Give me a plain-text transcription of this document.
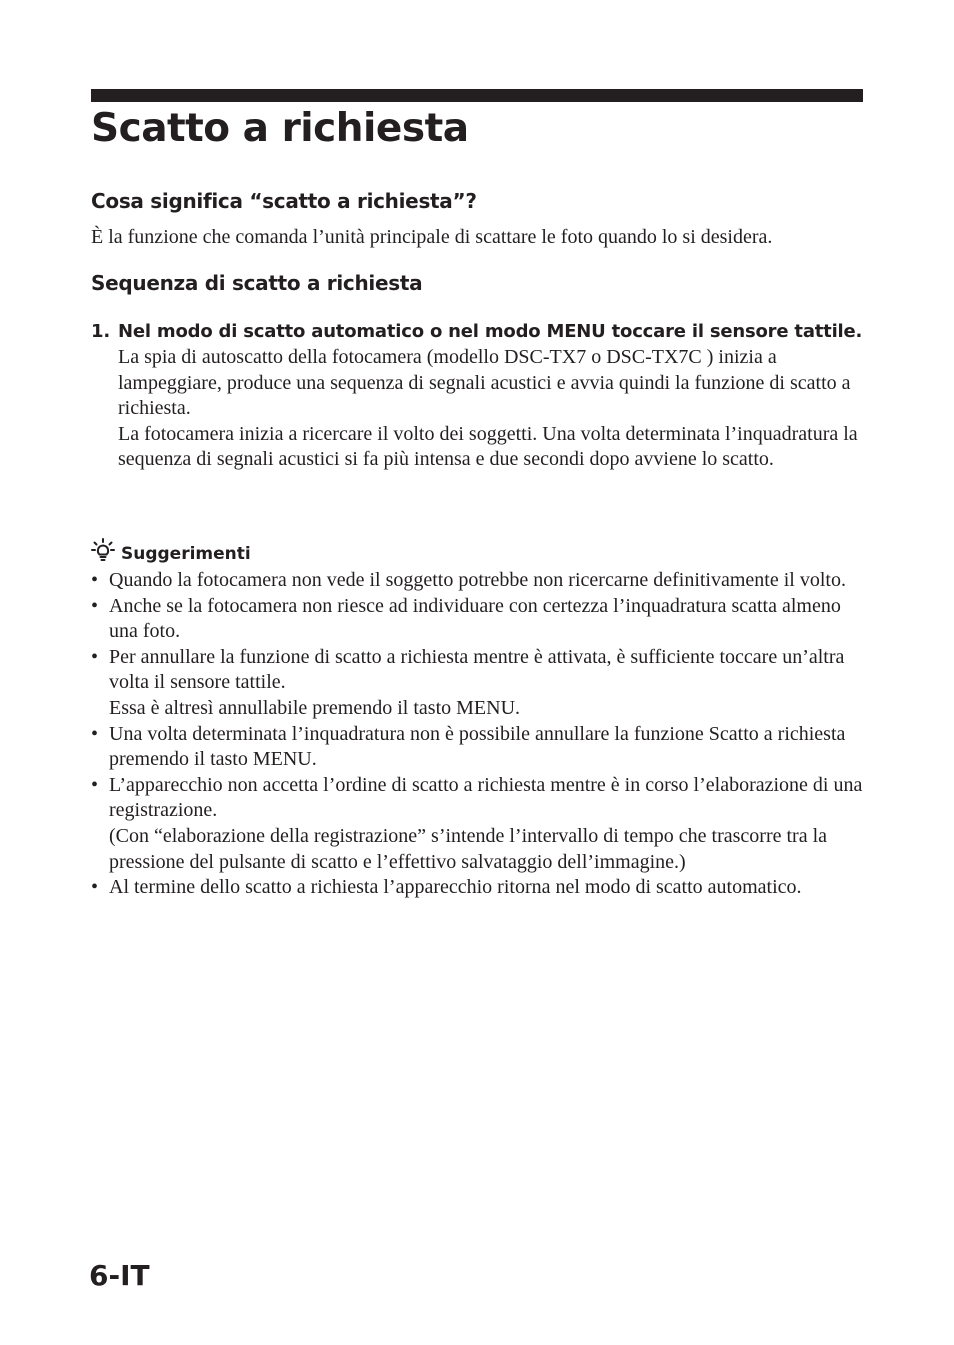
Scatto a richiesta
Cosa significa “scatto a richiesta”?

È la funzione che comanda l’unità principale di scattare le foto quando lo si desidera.

Sequenza di scatto a richiesta
1. Nel modo di scatto automatico o nel modo MENU toccare il sensore tattile.
La spia di autoscatto della fotocamera (modello DSC-TX7 o DSC-TX7C ) inizia a lampeggiare, produce una sequenza di segnali acustici e avvia quindi la funzione di scatto a richiesta.
La fotocamera inizia a ricercare il volto dei soggetti. Una volta determinata l’inquadratura la sequenza di segnali acustici si fa più intensa e due secondi dopo avviene lo scatto.
Suggerimenti
• Quando la fotocamera non vede il soggetto potrebbe non ricercarne definitivamente il volto.
• Anche se la fotocamera non riesce ad individuare con certezza l’inquadratura scatta almeno una foto.
• Per annullare la funzione di scatto a richiesta mentre è attivata, è sufficiente toccare un’altra volta il sensore tattile.
Essa è altresì annullabile premendo il tasto MENU.
• Una volta determinata l’inquadratura non è possibile annullare la funzione Scatto a richiesta premendo il tasto MENU.
• L’apparecchio non accetta l’ordine di scatto a richiesta mentre è in corso l’elaborazione di una registrazione.
(Con “elaborazione della registrazione” s’intende l’intervallo di tempo che trascorre tra la pressione del pulsante di scatto e l’effettivo salvataggio dell’immagine.)
• Al termine dello scatto a richiesta l’apparecchio ritorna nel modo di scatto automatico.
6-IT
